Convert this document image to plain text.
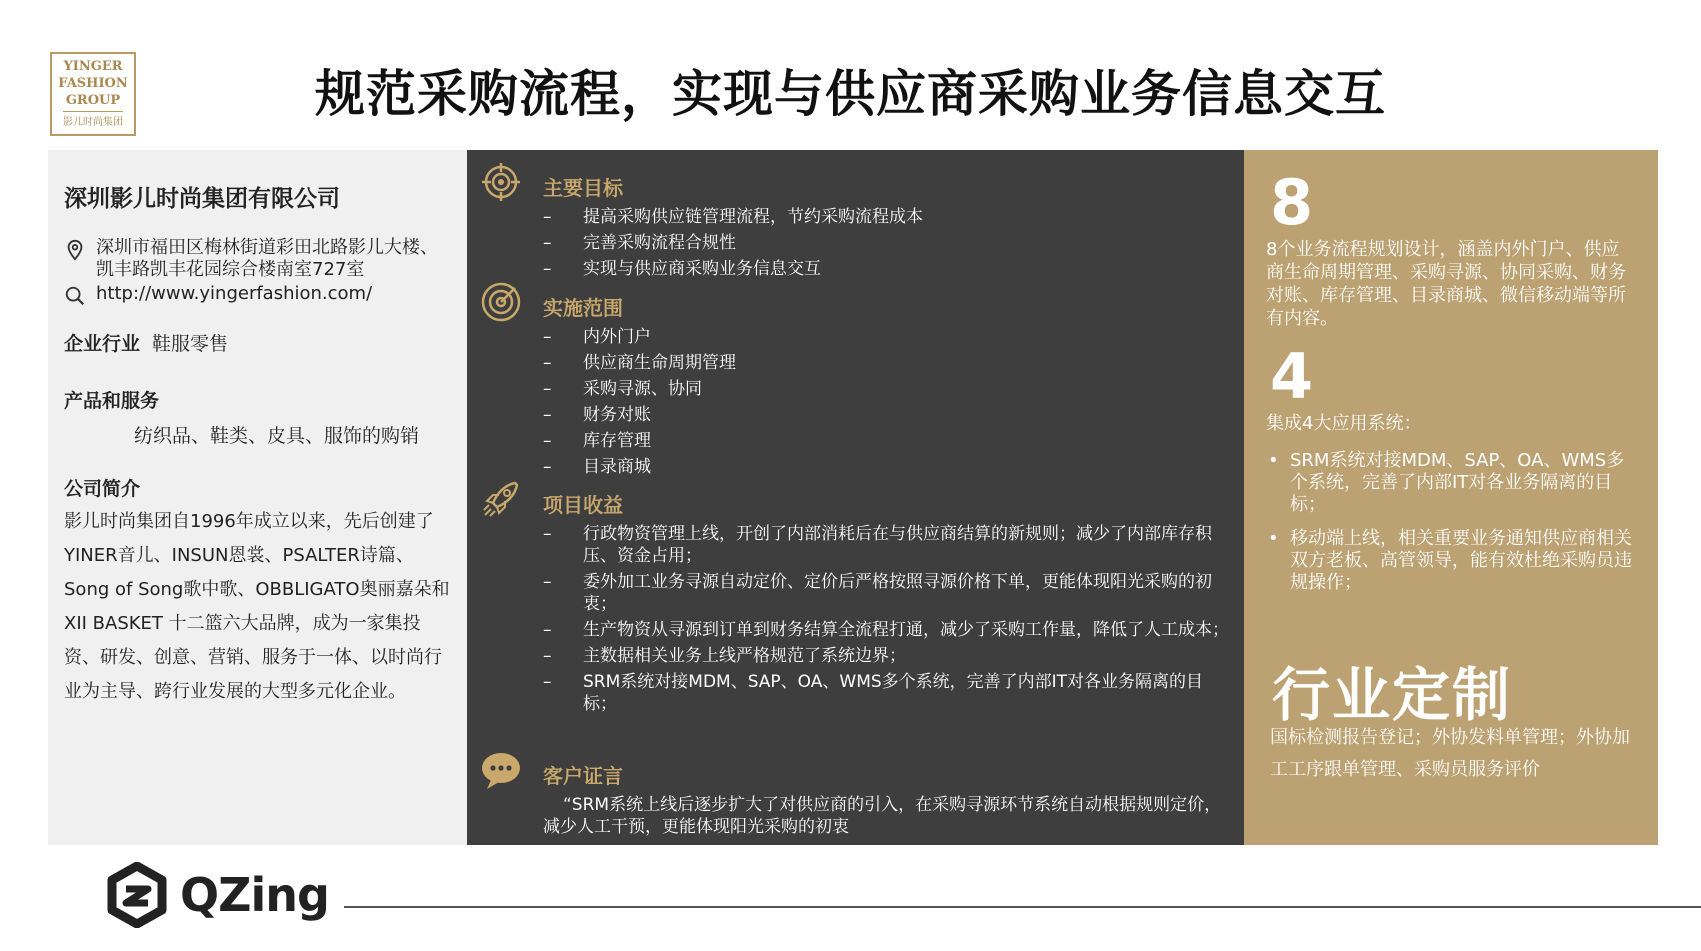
YINGER
FASHION
GROUP
影儿时尚集团	规范采购流程，实现与供应商采购业务信息交互
深圳影儿时尚集团有限公司
深圳市福田区梅林街道彩田北路影儿大楼、凯丰路凯丰花园综合楼南室727室
http://www.yingerfashion.com/
企业行业 鞋服零售
产品和服务
纺织品、鞋类、皮具、服饰的购销
公司简介
影儿时尚集团自1996年成立以来，先后创建了YINER音儿、INSUN恩裳、PSALTER诗篇、Song of Song歌中歌、OBBLIGATO奥丽嘉朵和XII BASKET 十二篮六大品牌，成为一家集投资、研发、创意、营销、服务于一体、以时尚行业为主导、跨行业发展的大型多元化企业。
主要目标
– 提高采购供应链管理流程，节约采购流程成本
– 完善采购流程合规性
– 实现与供应商采购业务信息交互
实施范围
– 内外门户
– 供应商生命周期管理
– 采购寻源、协同
– 财务对账
– 库存管理
– 目录商城
项目收益
– 行政物资管理上线，开创了内部消耗后在与供应商结算的新规则；减少了内部库存积压、资金占用；
– 委外加工业务寻源自动定价、定价后严格按照寻源价格下单，更能体现阳光采购的初衷；
– 生产物资从寻源到订单到财务结算全流程打通，减少了采购工作量，降低了人工成本；
– 主数据相关业务上线严格规范了系统边界；
– SRM系统对接MDM、SAP、OA、WMS多个系统，完善了内部IT对各业务隔离的目标；
客户证言
“SRM系统上线后逐步扩大了对供应商的引入，在采购寻源环节系统自动根据规则定价，减少人工干预，更能体现阳光采购的初衷
8
8个业务流程规划设计，涵盖内外门户、供应商生命周期管理、采购寻源、协同采购、财务对账、库存管理、目录商城、微信移动端等所有内容。
4
集成4大应用系统：
• SRM系统对接MDM、SAP、OA、WMS多个系统，完善了内部IT对各业务隔离的目标；
• 移动端上线，相关重要业务通知供应商相关双方老板、高管领导，能有效杜绝采购员违规操作；
行业定制
国标检测报告登记；外协发料单管理；外协加工工序跟单管理、采购员服务评价
QZing
